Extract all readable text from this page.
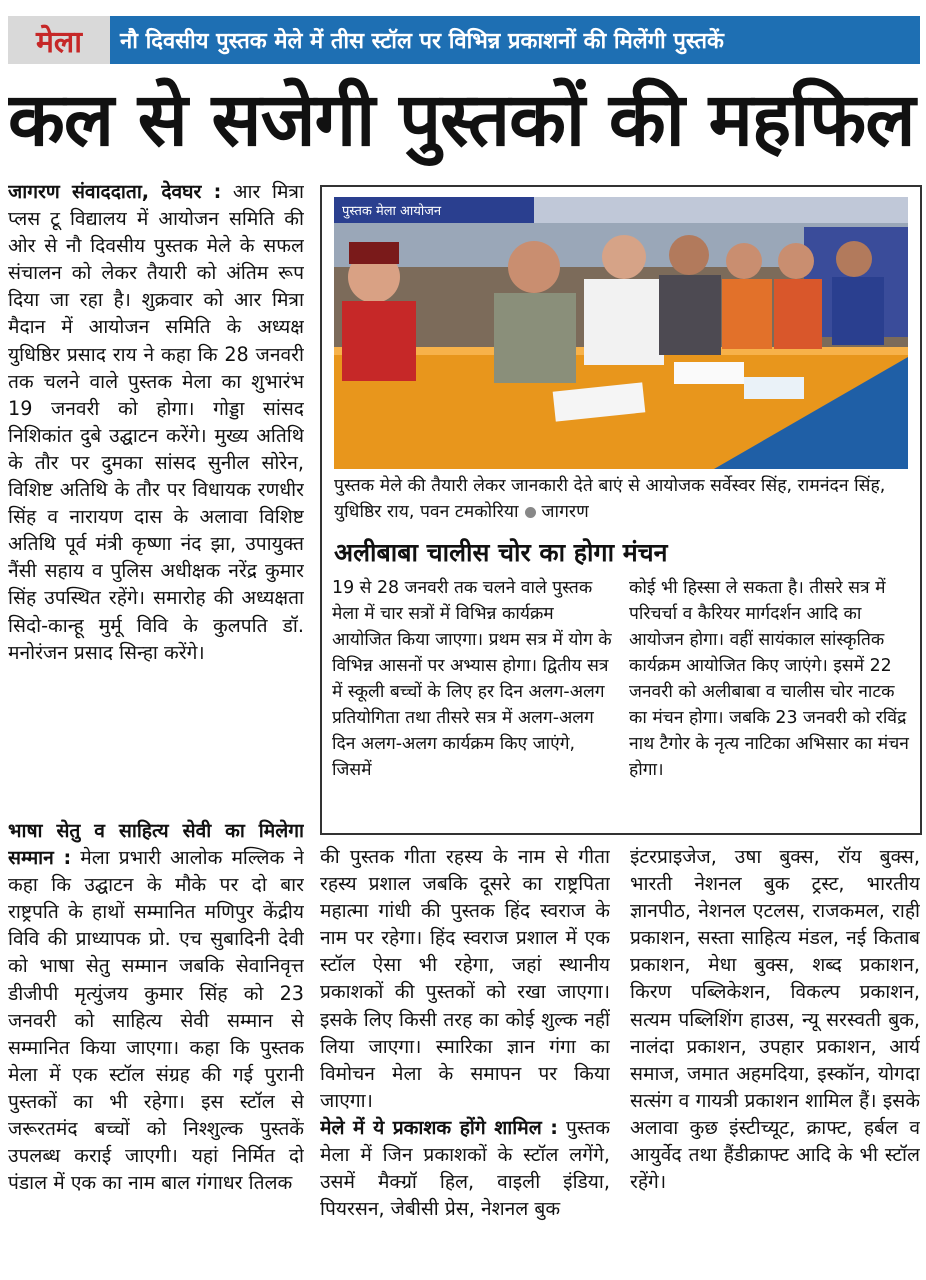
मेला	नौ दिवसीय पुस्तक मेले में तीस स्टॉल पर विभिन्न प्रकाशनों की मिलेंगी पुस्तकें
कल से सजेगी पुस्तकों की महफिल

जागरण संवाददाता, देवघर : आर मित्रा प्लस टू विद्यालय में आयोजन समिति की ओर से नौ दिवसीय पुस्तक मेले के सफल संचालन को लेकर तैयारी को अंतिम रूप दिया जा रहा है। शुक्रवार को आर मित्रा मैदान में आयोजन समिति के अध्यक्ष युधिष्ठिर प्रसाद राय ने कहा कि 28 जनवरी तक चलने वाले पुस्तक मेला का शुभारंभ 19 जनवरी को होगा। गोड्डा सांसद निशिकांत दुबे उद्घाटन करेंगे। मुख्य अतिथि के तौर पर दुमका सांसद सुनील सोरेन, विशिष्ट अतिथि के तौर पर विधायक रणधीर सिंह व नारायण दास के अलावा विशिष्ट अतिथि पूर्व मंत्री कृष्णा नंद झा, उपायुक्त नैंसी सहाय व पुलिस अधीक्षक नरेंद्र कुमार सिंह उपस्थित रहेंगे। समारोह की अध्यक्षता सिदो-कान्हू मुर्मू विवि के कुलपति डॉ. मनोरंजन प्रसाद सिन्हा करेंगे।

भाषा सेतु व साहित्य सेवी का मिलेगा सम्मान : मेला प्रभारी आलोक मल्लिक ने कहा कि उद्घाटन के मौके पर दो बार राष्ट्रपति के हाथों सम्मानित मणिपुर केंद्रीय विवि की प्राध्यापक प्रो. एच सुबादिनी देवी को भाषा सेतु सम्मान जबकि सेवानिवृत्त डीजीपी मृत्युंजय कुमार सिंह को 23 जनवरी को साहित्य सेवी सम्मान से सम्मानित किया जाएगा। कहा कि पुस्तक मेला में एक स्टॉल संग्रह की गई पुरानी पुस्तकों का भी रहेगा। इस स्टॉल से जरूरतमंद बच्चों को निश्शुल्क पुस्तकें उपलब्ध कराई जाएगी। यहां निर्मित दो पंडाल में एक का नाम बाल गंगाधर तिलक

की पुस्तक गीता रहस्य के नाम से गीता रहस्य प्रशाल जबकि दूसरे का राष्ट्रपिता महात्मा गांधी की पुस्तक हिंद स्वराज के नाम पर रहेगा। हिंद स्वराज प्रशाल में एक स्टॉल ऐसा भी रहेगा, जहां स्थानीय प्रकाशकों की पुस्तकों को रखा जाएगा। इसके लिए किसी तरह का कोई शुल्क नहीं लिया जाएगा। स्मारिका ज्ञान गंगा का विमोचन मेला के समापन पर किया जाएगा।

मेले में ये प्रकाशक होंगे शामिल : पुस्तक मेला में जिन प्रकाशकों के स्टॉल लगेंगे, उसमें मैक्ग्रॉ हिल, वाइली इंडिया, पियरसन, जेबीसी प्रेस, नेशनल बुक

इंटरप्राइजेज, उषा बुक्स, रॉय बुक्स, भारती नेशनल बुक ट्रस्ट, भारतीय ज्ञानपीठ, नेशनल एटलस, राजकमल, राही प्रकाशन, सस्ता साहित्य मंडल, नई किताब प्रकाशन, मेधा बुक्स, शब्द प्रकाशन, किरण पब्लिकेशन, विकल्प प्रकाशन, सत्यम पब्लिशिंग हाउस, न्यू सरस्वती बुक, नालंदा प्रकाशन, उपहार प्रकाशन, आर्य समाज, जमात अहमदिया, इस्कॉन, योगदा सत्संग व गायत्री प्रकाशन शामिल हैं। इसके अलावा कुछ इंस्टीच्यूट, क्राफ्ट, हर्बल व आयुर्वेद तथा हैंडीक्राफ्ट आदि के भी स्टॉल रहेंगे।

पुस्तक मेला आयोजन
पुस्तक मेले की तैयारी लेकर जानकारी देते बाएं से आयोजक सर्वेस्वर सिंह, रामनंदन सिंह, युधिष्ठिर राय, पवन टमकोरिया जागरण
अलीबाबा चालीस चोर का होगा मंचन
19 से 28 जनवरी तक चलने वाले पुस्तक मेला में चार सत्रों में विभिन्न कार्यक्रम आयोजित किया जाएगा। प्रथम सत्र में योग के विभिन्न आसनों पर अभ्यास होगा। द्वितीय सत्र में स्कूली बच्चों के लिए हर दिन अलग-अलग प्रतियोगिता तथा तीसरे सत्र में अलग-अलग दिन अलग-अलग कार्यक्रम किए जाएंगे, जिसमें
कोई भी हिस्सा ले सकता है। तीसरे सत्र में परिचर्चा व कैरियर मार्गदर्शन आदि का आयोजन होगा। वहीं सायंकाल सांस्कृतिक कार्यक्रम आयोजित किए जाएंगे। इसमें 22 जनवरी को अलीबाबा व चालीस चोर नाटक का मंचन होगा। जबकि 23 जनवरी को रविंद्र नाथ टैगोर के नृत्य नाटिका अभिसार का मंचन होगा।
